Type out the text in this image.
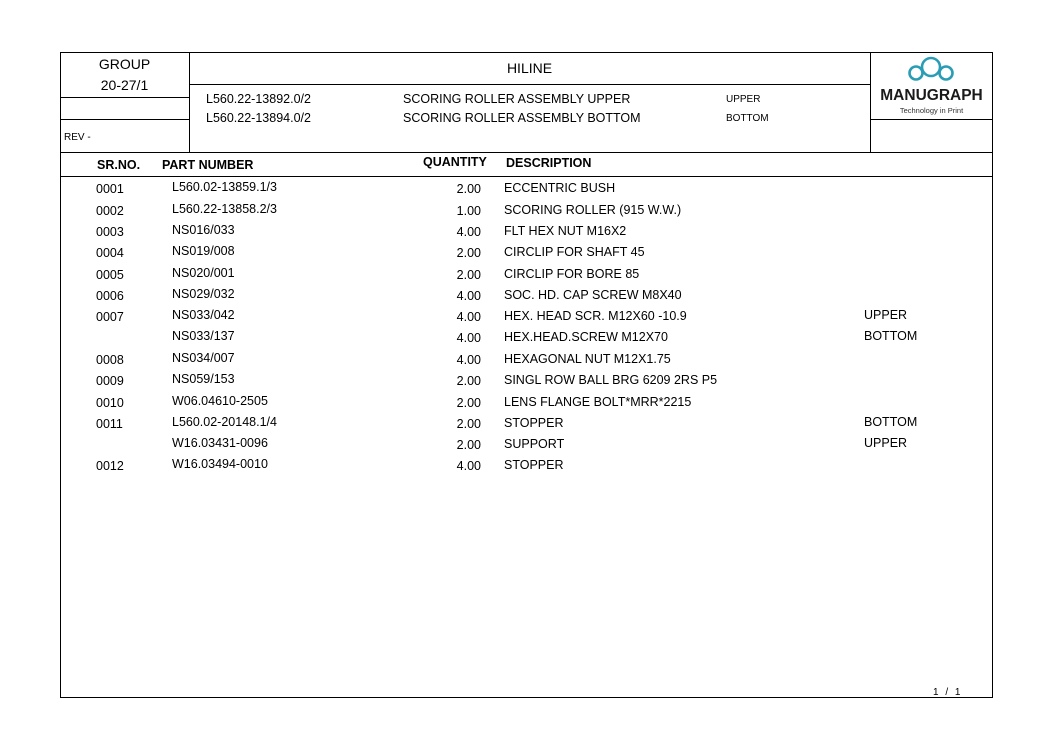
GROUP
20-27/1
HILINE
L560.22-13892.0/2	SCORING ROLLER ASSEMBLY UPPER	UPPER
L560.22-13894.0/2	SCORING ROLLER ASSEMBLY BOTTOM	BOTTOM
REV -
MANUGRAPH
Technology in Print
SR.NO. PART NUMBER	QUANTITY DESCRIPTION
0001	L560.02-13859.1/3	2.00 ECCENTRIC BUSH
0002	L560.22-13858.2/3	1.00 SCORING ROLLER (915 W.W.)
0003	NS016/033	4.00 FLT HEX NUT M16X2
0004	NS019/008	2.00 CIRCLIP FOR SHAFT 45
0005	NS020/001	2.00 CIRCLIP FOR BORE 85
0006	NS029/032	4.00 SOC. HD. CAP SCREW M8X40
0007	NS033/042	4.00 HEX. HEAD SCR. M12X60 -10.9	UPPER
NS033/137	4.00 HEX.HEAD.SCREW M12X70	BOTTOM
0008	NS034/007	4.00 HEXAGONAL NUT M12X1.75
0009	NS059/153	2.00 SINGL ROW BALL BRG 6209 2RS P5
0010	W06.04610-2505	2.00 LENS FLANGE BOLT*MRR*2215
0011	L560.02-20148.1/4	2.00 STOPPER	BOTTOM
W16.03431-0096	2.00 SUPPORT	UPPER
0012	W16.03494-0010	4.00 STOPPER
1 / 1
